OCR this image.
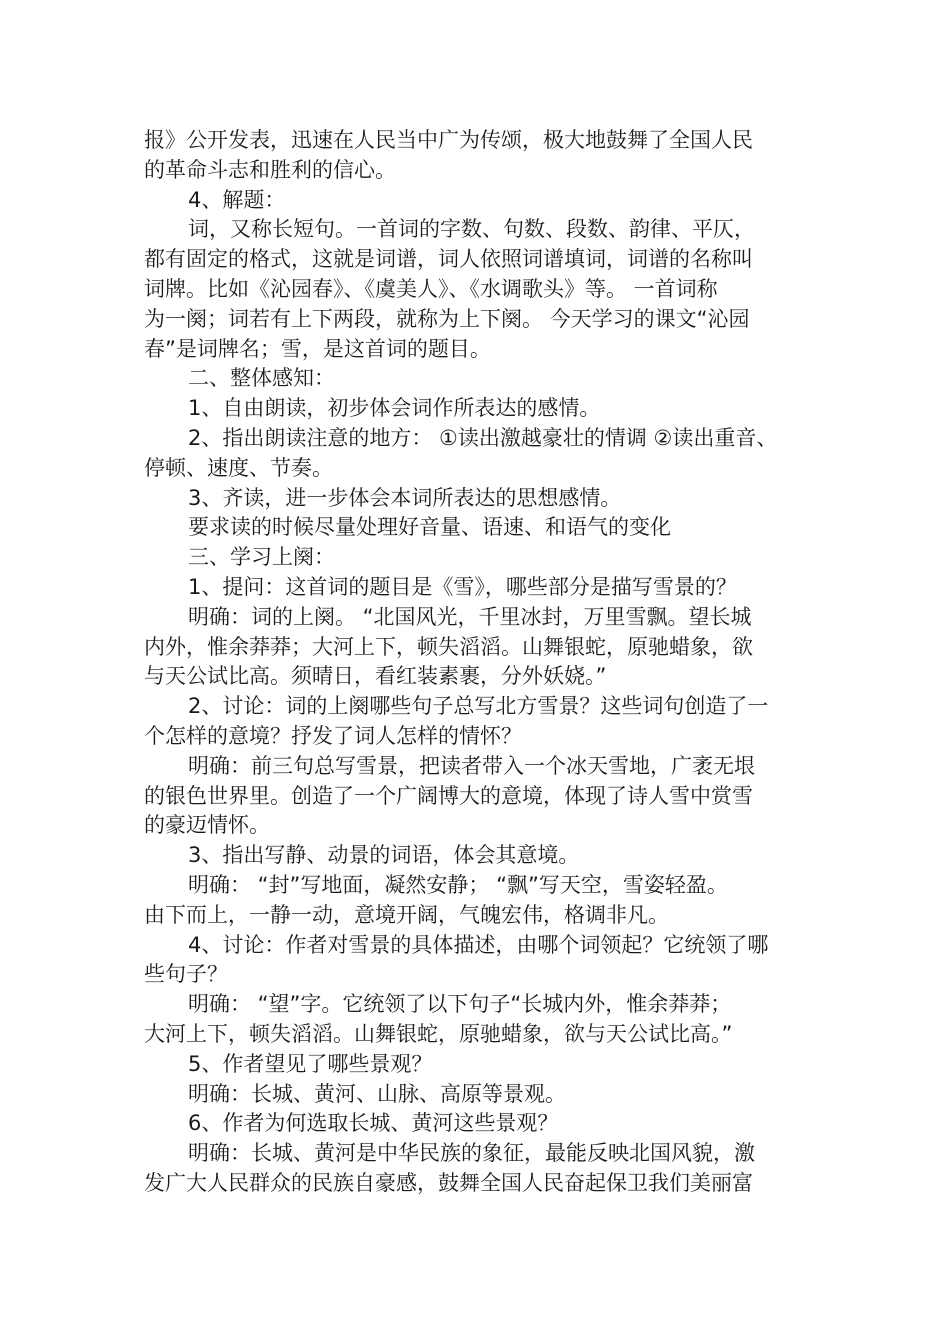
报》公开发表，迅速在人民当中广为传颂，极大地鼓舞了全国人民
的革命斗志和胜利的信心。
4、解题：
词，又称长短句。一首词的字数、句数、段数、韵律、平仄，
都有固定的格式，这就是词谱，词人依照词谱填词，词谱的名称叫
词牌。比如《沁园春》、《虞美人》、《水调歌头》等。 一首词称
为一阕；词若有上下两段，就称为上下阕。 今天学习的课文“沁园
春”是词牌名；雪，是这首词的题目。
二、整体感知：
1、自由朗读，初步体会词作所表达的感情。
2、指出朗读注意的地方： ①读出激越豪壮的情调 ②读出重音、
停顿、速度、节奏。
3、齐读，进一步体会本词所表达的思想感情。
要求读的时候尽量处理好音量、语速、和语气的变化
三、学习上阕：
1、提问：这首词的题目是《雪》，哪些部分是描写雪景的？
明确：词的上阕。 “北国风光，千里冰封，万里雪飘。望长城
内外，惟余莽莽；大河上下，顿失滔滔。山舞银蛇，原驰蜡象，欲
与天公试比高。须晴日，看红装素裹，分外妖娆。”
2、讨论：词的上阕哪些句子总写北方雪景？这些词句创造了一
个怎样的意境？抒发了词人怎样的情怀？
明确：前三句总写雪景，把读者带入一个冰天雪地，广袤无垠
的银色世界里。创造了一个广阔博大的意境，体现了诗人雪中赏雪
的豪迈情怀。
3、指出写静、动景的词语，体会其意境。
明确： “封”写地面，凝然安静； “飘”写天空，雪姿轻盈。
由下而上，一静一动，意境开阔，气魄宏伟，格调非凡。
4、讨论：作者对雪景的具体描述，由哪个词领起？它统领了哪
些句子？
明确： “望”字。它统领了以下句子“长城内外，惟余莽莽；
大河上下，顿失滔滔。山舞银蛇，原驰蜡象，欲与天公试比高。”
5、作者望见了哪些景观？
明确：长城、黄河、山脉、高原等景观。
6、作者为何选取长城、黄河这些景观？
明确：长城、黄河是中华民族的象征，最能反映北国风貌，激
发广大人民群众的民族自豪感，鼓舞全国人民奋起保卫我们美丽富
